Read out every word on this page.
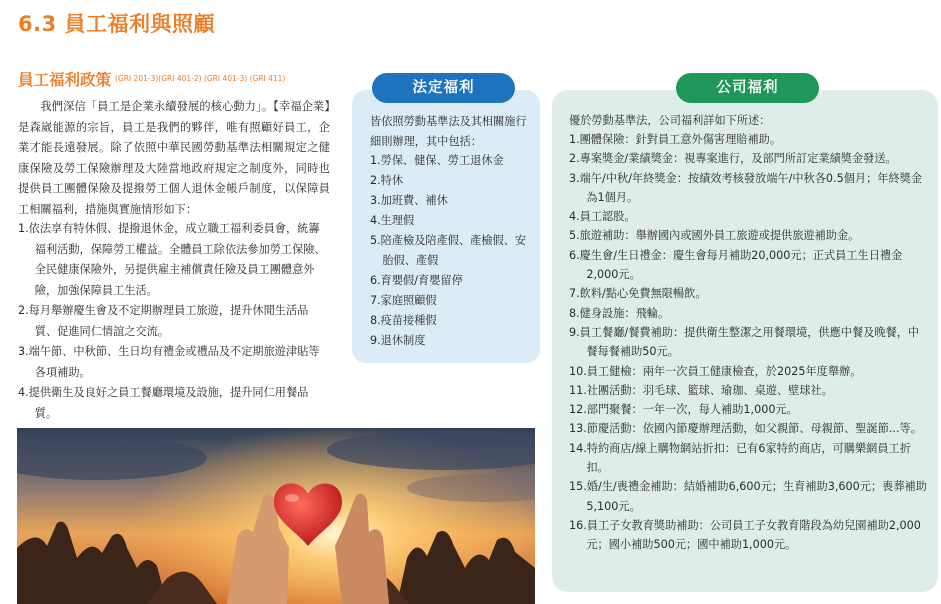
6.3 員工福利與照顧
員工福利政策 $^{(GRI 201-3)(GRI 401-2) (GRI 401-3) (GRI 411)}$

我們深信「員工是企業永續發展的核心動力」。【幸福企業】是森崴能源的宗旨，員工是我們的夥伴，唯有照顧好員工，企業才能長遠發展。除了依照中華民國勞動基準法相關規定之健康保險及勞工保險辦理及大陸當地政府規定之制度外，同時也提供員工團體保險及提撥勞工個人退休金帳戶制度，以保障員工相關福利，措施與實施情形如下：

1.依法享有特休假、提撥退休金，成立職工福利委員會，統籌福利活動，保障勞工權益。全體員工除依法參加勞工保險、全民健康保險外，另提供雇主補償責任險及員工團體意外險，加強保障員工生活。
2.每月舉辦慶生會及不定期辦理員工旅遊，提升休閒生活品質、促進同仁情誼之交流。
3.端午節、中秋節、生日均有禮金或禮品及不定期旅遊津貼等各項補助。
4.提供衛生及良好之員工餐廳環境及設施，提升同仁用餐品質。
法定福利

皆依照勞動基準法及其相關施行細則辦理，其中包括：

1.勞保、健保、勞工退休金
2.特休
3.加班費、補休
4.生理假
5.陪產檢及陪產假、產檢假、安胎假、產假
6.育嬰假/育嬰留停
7.家庭照顧假
8.疫苗接種假
9.退休制度
公司福利

優於勞動基準法，公司福利詳如下所述：

1.團體保險：針對員工意外傷害理賠補助。
2.專案獎金/業績獎金：視專案進行，及部門所訂定業績獎金發送。
3.端午/中秋/年終獎金：按績效考核發放端午/中秋各0.5個月；年終獎金為1個月。
4.員工認股。
5.旅遊補助：舉辦國內或國外員工旅遊或提供旅遊補助金。
6.慶生會/生日禮金：慶生會每月補助20,000元；正式員工生日禮金2,000元。
7.飲料/點心免費無限暢飲。
8.健身設施：飛輪。
9.員工餐廳/餐費補助：提供衛生整潔之用餐環境，供應中餐及晚餐，中餐每餐補助50元。
10.員工健檢：兩年一次員工健康檢查，於2025年度舉辦。
11.社團活動：羽毛球、籃球、瑜珈、桌遊、壁球社。
12.部門聚餐：一年一次，每人補助1,000元。
13.節慶活動：依國內節慶辦理活動，如父親節、母親節、聖誕節...等。
14.特約商店/線上購物網站折扣：已有6家特約商店，可購樂網員工折扣。
15.婚/生/喪禮金補助：結婚補助6,600元；生育補助3,600元；喪葬補助5,100元。
16.員工子女教育獎助補助：公司員工子女教育階段為幼兒園補助2,000元；國小補助500元；國中補助1,000元。
